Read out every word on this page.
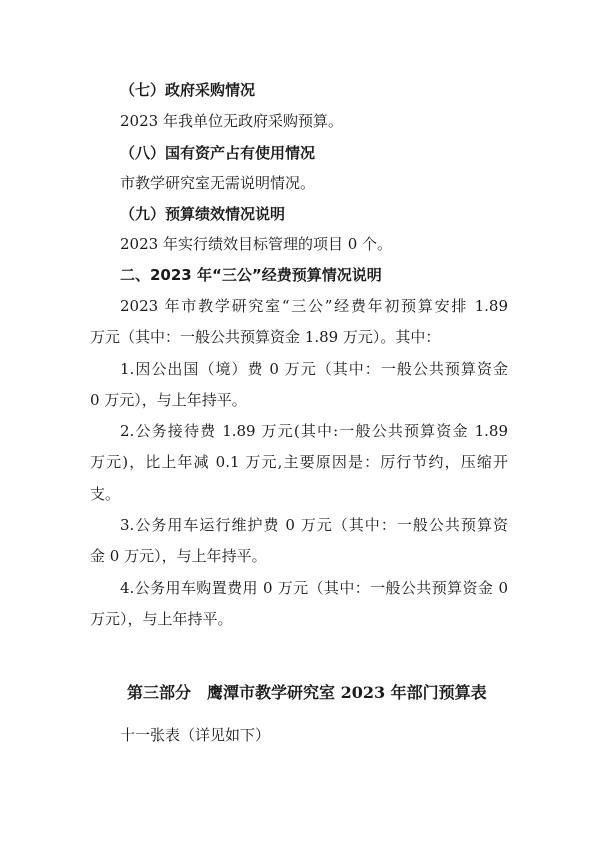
（七）政府采购情况
2023 年我单位无政府采购预算。
（八）国有资产占有使用情况
市教学研究室无需说明情况。
（九）预算绩效情况说明
2023 年实行绩效目标管理的项目 0 个。
二、2023 年“三公”经费预算情况说明
2023 年市教学研究室“三公”经费年初预算安排 1.89
万元（其中：一般公共预算资金 1.89 万元）。其中：
1.因公出国（境）费 0 万元（其中：一般公共预算资金
0 万元），与上年持平。
2.公务接待费 1.89 万元(其中:一般公共预算资金 1.89
万元)，比上年减 0.1 万元,主要原因是：厉行节约，压缩开
支。
3.公务用车运行维护费 0 万元（其中：一般公共预算资
金 0 万元），与上年持平。
4.公务用车购置费用 0 万元（其中：一般公共预算资金 0
万元），与上年持平。
第三部分　鹰潭市教学研究室 2023 年部门预算表
十一张表（详见如下）
